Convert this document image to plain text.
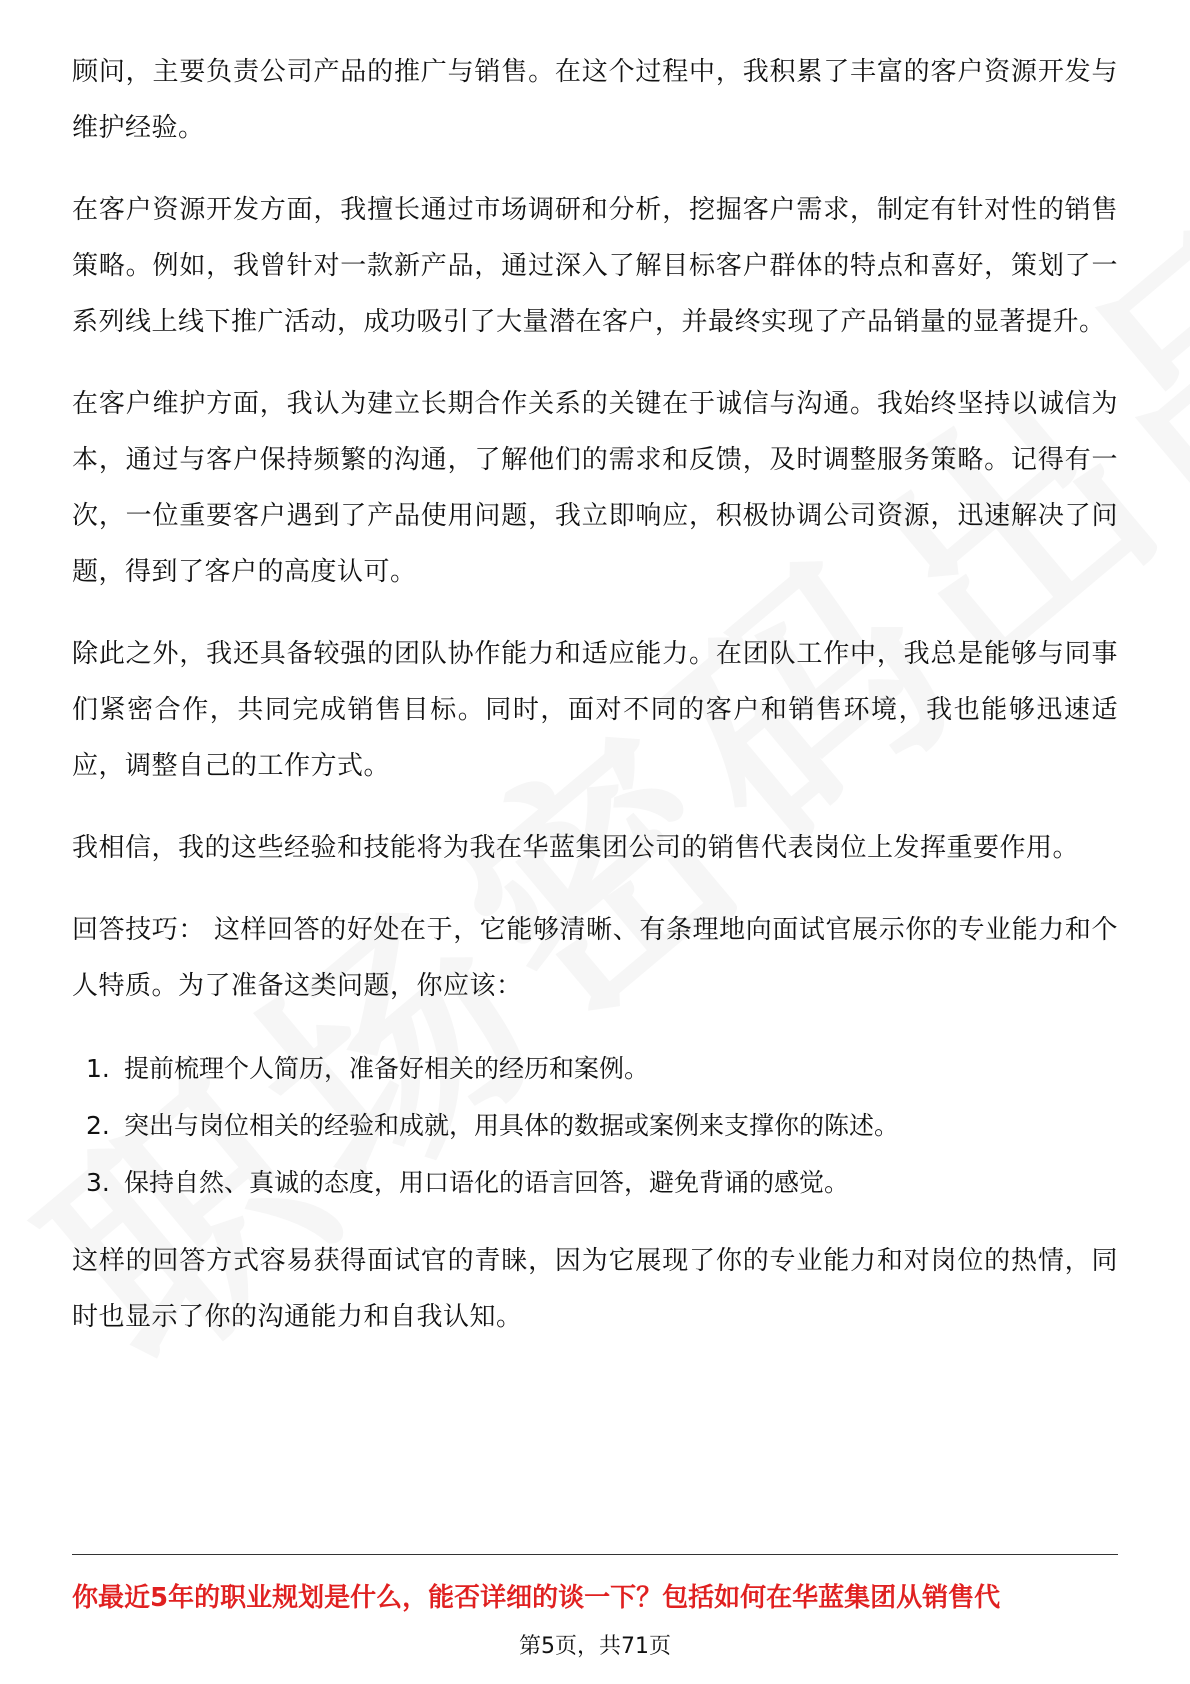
顾问，主要负责公司产品的推广与销售。在这个过程中，我积累了丰富的客户资源开发与维护经验。

在客户资源开发方面，我擅长通过市场调研和分析，挖掘客户需求，制定有针对性的销售策略。例如，我曾针对一款新产品，通过深入了解目标客户群体的特点和喜好，策划了一系列线上线下推广活动，成功吸引了大量潜在客户，并最终实现了产品销量的显著提升。

在客户维护方面，我认为建立长期合作关系的关键在于诚信与沟通。我始终坚持以诚信为本，通过与客户保持频繁的沟通，了解他们的需求和反馈，及时调整服务策略。记得有一次，一位重要客户遇到了产品使用问题，我立即响应，积极协调公司资源，迅速解决了问题，得到了客户的高度认可。

除此之外，我还具备较强的团队协作能力和适应能力。在团队工作中，我总是能够与同事们紧密合作，共同完成销售目标。同时，面对不同的客户和销售环境，我也能够迅速适应，调整自己的工作方式。

我相信，我的这些经验和技能将为我在华蓝集团公司的销售代表岗位上发挥重要作用。

回答技巧： 这样回答的好处在于，它能够清晰、有条理地向面试官展示你的专业能力和个人特质。为了准备这类问题，你应该：

1. 提前梳理个人简历，准备好相关的经历和案例。
2. 突出与岗位相关的经验和成就，用具体的数据或案例来支撑你的陈述。
3. 保持自然、真诚的态度，用口语化的语言回答，避免背诵的感觉。

这样的回答方式容易获得面试官的青睐，因为它展现了你的专业能力和对岗位的热情，同时也显示了你的沟通能力和自我认知。

你最近5年的职业规划是什么，能否详细的谈一下？包括如何在华蓝集团从销售代
第5页，共71页
